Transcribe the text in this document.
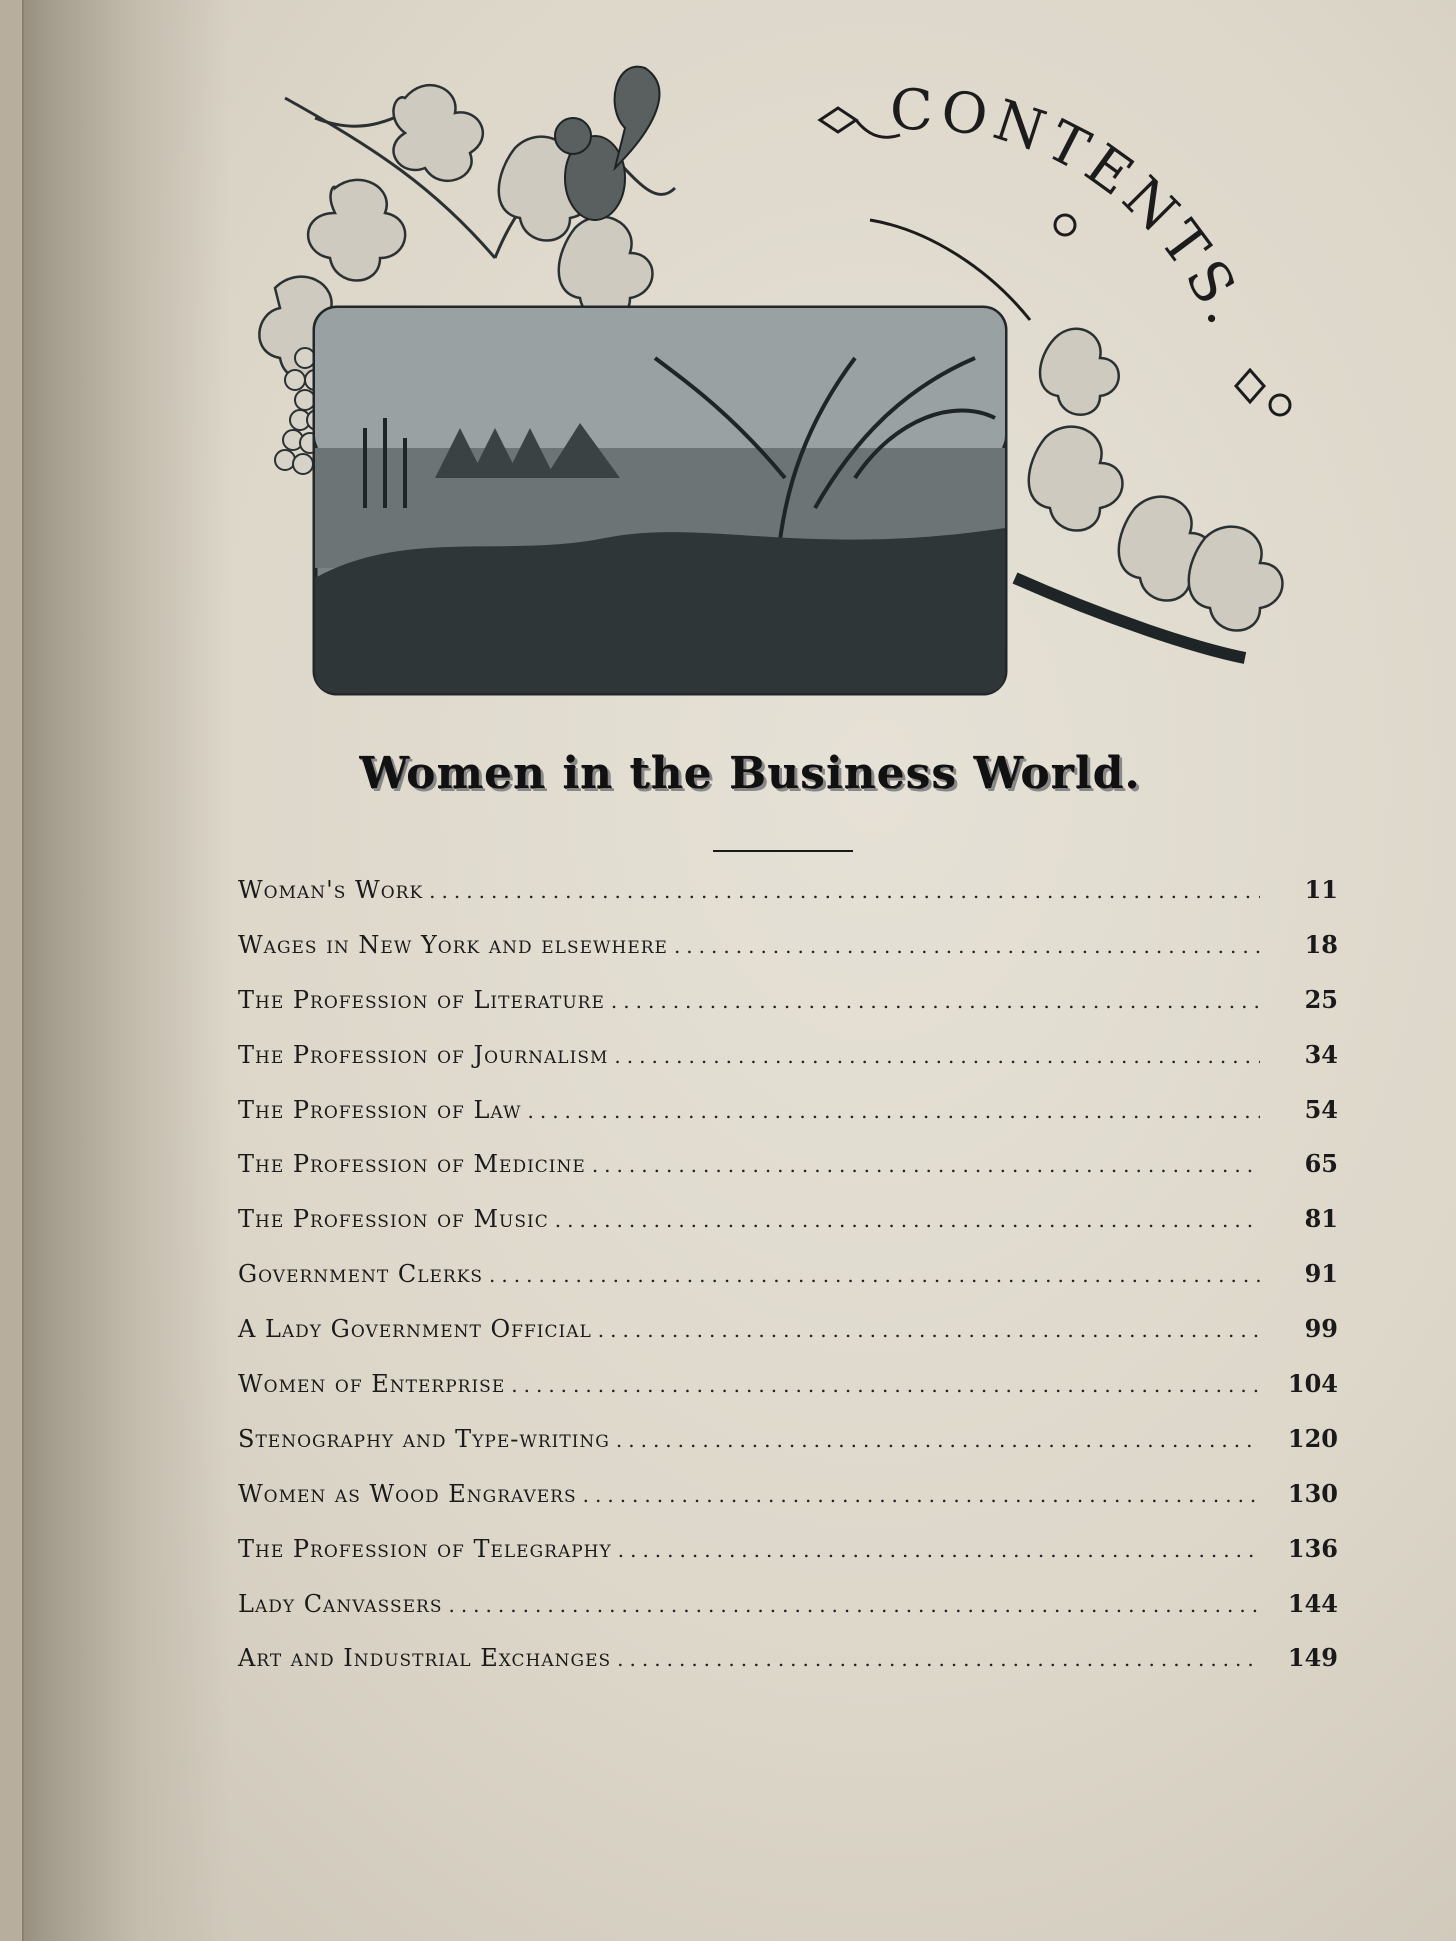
CONTENTS.
Women in the Business World.
Woman's Work .....	11
Wages in New York and elsewhere .....	18
The Profession of Literature .....	25
The Profession of Journalism .....	34
The Profession of Law .....	54
The Profession of Medicine .....	65
The Profession of Music .....	81
Government Clerks .....	91
A Lady Government Official .....	99
Women of Enterprise .....	104
Stenography and Type-writing .....	120
Women as Wood Engravers .....	130
The Profession of Telegraphy .....	136
Lady Canvassers .....	144
Art and Industrial Exchanges .....	149
